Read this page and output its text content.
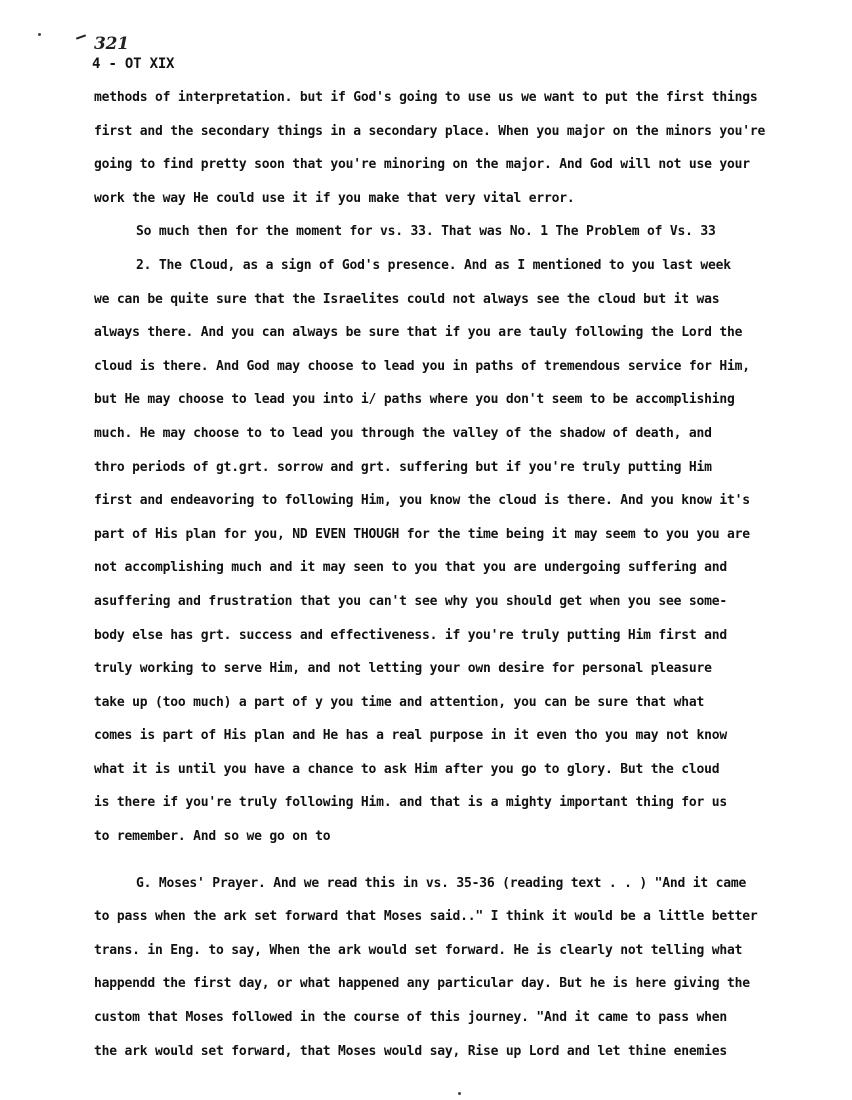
321
4 - OT XIX
methods of interpretation. but if God's going to use us we want to put the first things
first and the secondary things in a secondary place. When you major on the minors you're
going to find pretty soon that you're minoring on the major. And God will not use your
work the way He could use it if you make that very vital error.
So much then for the moment for vs. 33. That was No. 1 The Problem of Vs. 33
2. The Cloud, as a sign of God's presence. And as I mentioned to you last week
we can be quite sure that the Israelites could not always see the cloud but it was
always there. And you can always be sure that if you are tauly following the Lord the
cloud is there. And God may choose to lead you in paths of tremendous service for Him,
but He may choose to lead you into i/ paths where you don't seem to be accomplishing
much. He may choose to to lead you through the valley of the shadow of death, and
thro periods of gt.grt. sorrow and grt. suffering but if you're truly putting Him
first and endeavoring to following Him, you know the cloud is there. And you know it's
part of His plan for you, ND EVEN THOUGH for the time being it may seem to you you are
not accomplishing much and it may seen to you that you are undergoing suffering and
asuffering and frustration that you can't see why you should get when you see some-
body else has grt. success and effectiveness. if you're truly putting Him first and
truly working to serve Him, and not letting your own desire for personal pleasure
take up (too much) a part of y you time and attention, you can be sure that what
comes is part of His plan and He has a real purpose in it even tho you may not know
what it is until you have a chance to ask Him after you go to glory. But the cloud
is there if you're truly following Him. and that is a mighty important thing for us
to remember. And so we go on to
G. Moses' Prayer. And we read this in vs. 35-36 (reading text . . ) "And it came
to pass when the ark set forward that Moses said.." I think it would be a little better
trans. in Eng. to say, When the ark would set forward. He is clearly not telling what
happendd the first day, or what happened any particular day. But he is here giving the
custom that Moses followed in the course of this journey. "And it came to pass when
the ark would set forward, that Moses would say, Rise up Lord and let thine enemies
